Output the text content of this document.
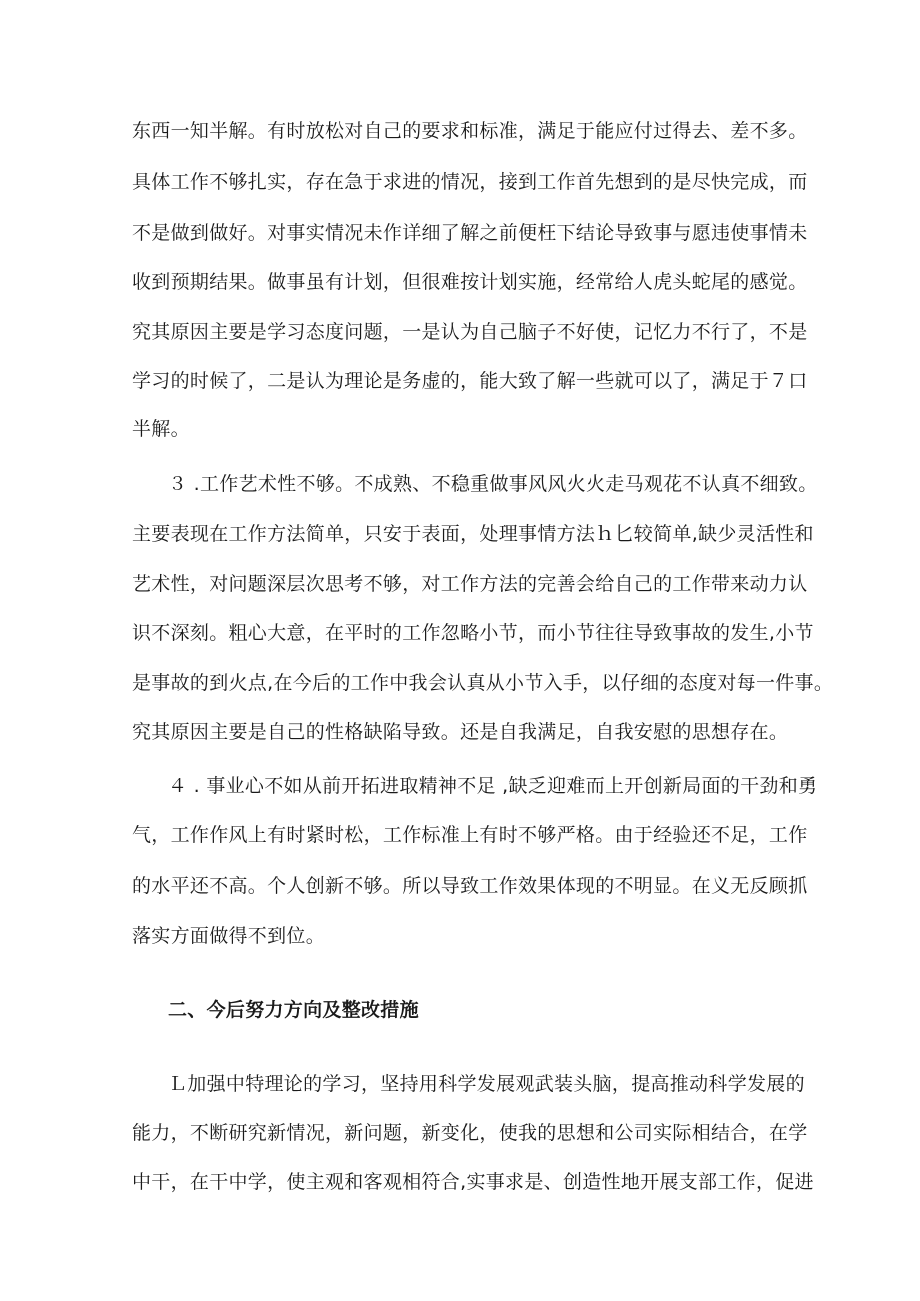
东西一知半解。有时放松对自己的要求和标准，满足于能应付过得去、差不多。
具体工作不够扎实，存在急于求进的情况，接到工作首先想到的是尽快完成，而
不是做到做好。对事实情况未作详细了解之前便枉下结论导致事与愿违使事情未
收到预期结果。做事虽有计划，但很难按计划实施，经常给人虎头蛇尾的感觉。
究其原因主要是学习态度问题，一是认为自己脑子不好使，记忆力不行了，不是
学习的时候了，二是认为理论是务虚的，能大致了解一些就可以了，满足于７口
半解。
３ .工作艺术性不够。不成熟、不稳重做事风风火火走马观花不认真不细致。
主要表现在工作方法简单，只安于表面，处理事情方法ｈ匕较简单,缺少灵活性和
艺术性，对问题深层次思考不够，对工作方法的完善会给自己的工作带来动力认
识不深刻。粗心大意，在平时的工作忽略小节，而小节往往导致事故的发生,小节
是事故的到火点,在今后的工作中我会认真从小节入手，以仔细的态度对每一件事。
究其原因主要是自己的性格缺陷导致。还是自我满足，自我安慰的思想存在。
４ . 事业心不如从前开拓进取精神不足 ,缺乏迎难而上开创新局面的干劲和勇
气，工作作风上有时紧时松，工作标准上有时不够严格。由于经验还不足，工作
的水平还不高。个人创新不够。所以导致工作效果体现的不明显。在义无反顾抓
落实方面做得不到位。
二、今后努力方向及整改措施
Ｌ加强中特理论的学习，坚持用科学发展观武装头脑，提高推动科学发展的
能力，不断研究新情况，新问题，新变化，使我的思想和公司实际相结合，在学
中干，在干中学，使主观和客观相符合,实事求是、创造性地开展支部工作，促进
